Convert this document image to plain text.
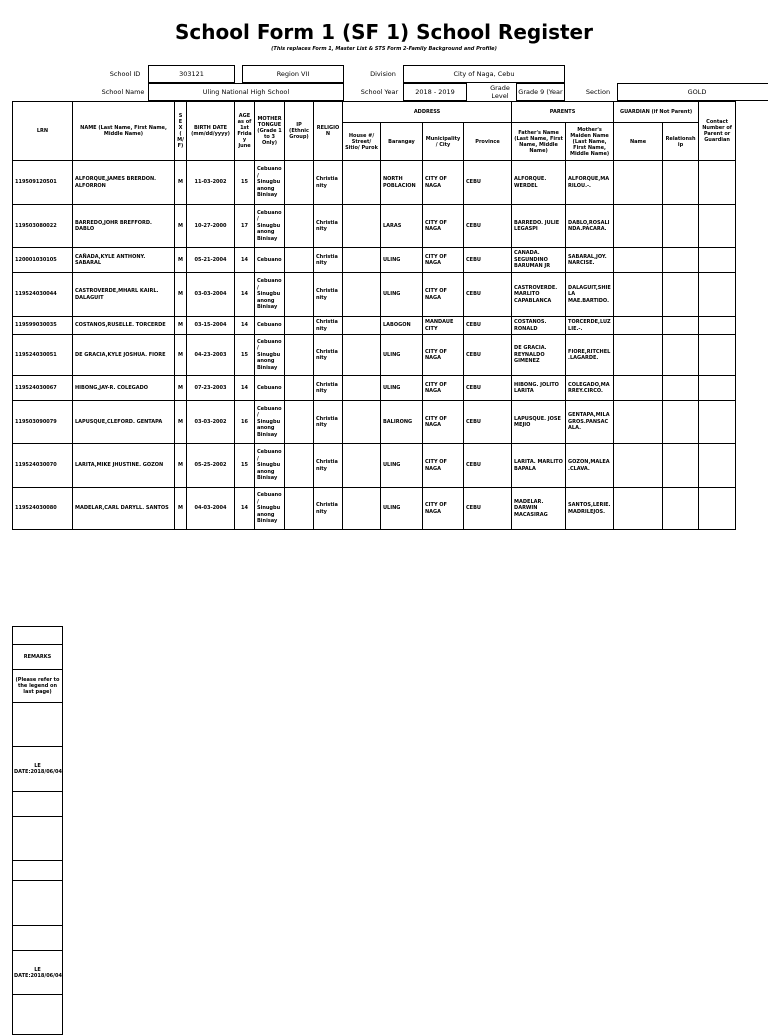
School Form 1 (SF 1) School Register
(This replaces Form 1, Master List & STS Form 2-Family Background and Profile)
School ID	303121	Region VII	Division	City of Naga, Cebu
School Name	Uling National High School	School Year	2018 - 2019	Grade Level	Grade 9 (Year	Section	GOLD
LRN	NAME (Last Name, First Name, Middle Name)	SEX (M/F)	BIRTH DATE (mm/dd/yyyy)	AGE as of 1st Friday June	MOTHER TONGUE (Grade 1 to 3 Only)	IP (Ethnic Group)	RELIGION	ADDRESS				PARENTS		GUARDIAN (if Not Parent)		Contact Number of Parent or Guardian
								House #/ Street/ Sitio/ Purok	Barangay	Municipality / City	Province	Father's Name (Last Name, First Name, Middle Name)	Mother's Maiden Name (Last Name, First Name, Middle Name)	Name	Relationship	
119509120501	ALFORQUE,JAMES BRERDON. ALFORRON	M	11-03-2002	15	Cebuano/ Sinugbuanong Binisay		Christianity		NORTH POBLACION	CITY OF NAGA	CEBU	ALFORQUE. WERDEL	ALFORQUE,MARILOU.-.			
119503080022	BARREDO,JOHR BREFFORD. DABLO	M	10-27-2000	17	Cebuano/ Sinugbuanong Binisay		Christianity		LARAS	CITY OF NAGA	CEBU	BARREDO. JULIE LEGASPI	DABLO,ROSALINDA.PACARA.			
120001030105	CAÑADA,KYLE ANTHONY. SABARAL	M	05-21-2004	14	Cebuano		Christianity		ULING	CITY OF NAGA	CEBU	CANADA. SEGUNDINO BARUMAN JR	SABARAL,JOY. NARCISE.			
119524030044	CASTROVERDE,MHARL KAIRL. DALAGUIT	M	03-03-2004	14	Cebuano/ Sinugbuanong Binisay		Christianity		ULING	CITY OF NAGA	CEBU	CASTROVERDE. MARLITO CAPABLANCA	DALAGUIT,SHIELA MAE.BARTIDO.			
119599030035	COSTANOS,RUSELLE. TORCERDE	M	03-15-2004	14	Cebuano		Christianity		LABOGON	MANDAUE CITY	CEBU	COSTANOS. RONALD	TORCERDE,LUZLIE.-.			
119524030051	DE GRACIA,KYLE JOSHUA. FIORE	M	04-23-2003	15	Cebuano/ Sinugbuanong Binisay		Christianity		ULING	CITY OF NAGA	CEBU	DE GRACIA. REYNALDO GIMENEZ	FIORE,RITCHEL.LAGARDE.			
119524030067	HIBONG,JAY-R. COLEGADO	M	07-23-2003	14	Cebuano		Christianity		ULING	CITY OF NAGA	CEBU	HIBONG. JOLITO LARITA	COLEGADO,MARREY.CIRCO.			
119503090079	LAPUSQUE,CLEFORD. GENTAPA	M	03-03-2002	16	Cebuano/ Sinugbuanong Binisay		Christianity		BALIRONG	CITY OF NAGA	CEBU	LAPUSQUE. JOSE MEJIO	GENTAPA,MILAGROS.PANSACALA.			
119524030070	LARITA,MIKE JHUSTINE. GOZON	M	05-25-2002	15	Cebuano/ Sinugbuanong Binisay		Christianity		ULING	CITY OF NAGA	CEBU	LARITA. MARLITO BAPALA	GOZON,MALEA.CLAVA.			
119524030080	MADELAR,CARL DARYLL. SANTOS	M	04-03-2004	14	Cebuano/ Sinugbuanong Binisay		Christianity		ULING	CITY OF NAGA	CEBU	MADELAR. DARWIN MACASIRAG	SANTOS,LERIE.MADRILEJOS.			

REMARKS
(Please refer to the legend on last page)

LE DATE:2018/06/04

LE DATE:2018/06/04
